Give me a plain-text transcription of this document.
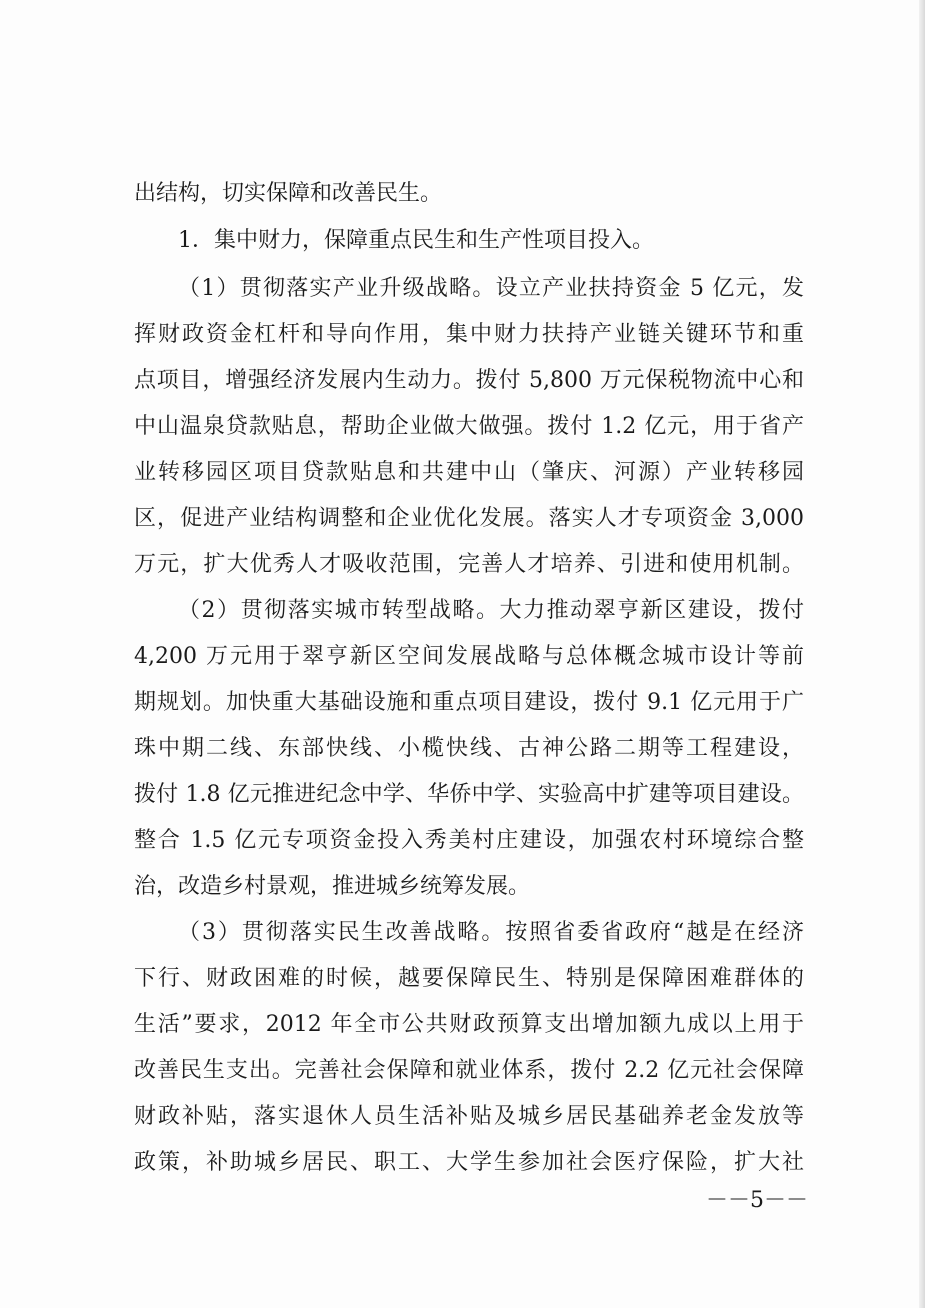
出结构，切实保障和改善民生。
1．集中财力，保障重点民生和生产性项目投入。
（1）贯彻落实产业升级战略。设立产业扶持资金 5 亿元，发
挥财政资金杠杆和导向作用，集中财力扶持产业链关键环节和重
点项目，增强经济发展内生动力。拨付 5,800 万元保税物流中心和
中山温泉贷款贴息，帮助企业做大做强。拨付 1.2 亿元，用于省产
业转移园区项目贷款贴息和共建中山（肇庆、河源）产业转移园
区，促进产业结构调整和企业优化发展。落实人才专项资金 3,000
万元，扩大优秀人才吸收范围，完善人才培养、引进和使用机制。
（2）贯彻落实城市转型战略。大力推动翠亨新区建设，拨付
4,200 万元用于翠亨新区空间发展战略与总体概念城市设计等前
期规划。加快重大基础设施和重点项目建设，拨付 9.1 亿元用于广
珠中期二线、东部快线、小榄快线、古神公路二期等工程建设，
拨付 1.8 亿元推进纪念中学、华侨中学、实验高中扩建等项目建设。
整合 1.5 亿元专项资金投入秀美村庄建设，加强农村环境综合整
治，改造乡村景观，推进城乡统筹发展。
（3）贯彻落实民生改善战略。按照省委省政府“越是在经济
下行、财政困难的时候，越要保障民生、特别是保障困难群体的
生活”要求，2012 年全市公共财政预算支出增加额九成以上用于
改善民生支出。完善社会保障和就业体系，拨付 2.2 亿元社会保障
财政补贴，落实退休人员生活补贴及城乡居民基础养老金发放等
政策，补助城乡居民、职工、大学生参加社会医疗保险，扩大社
－－5－－
